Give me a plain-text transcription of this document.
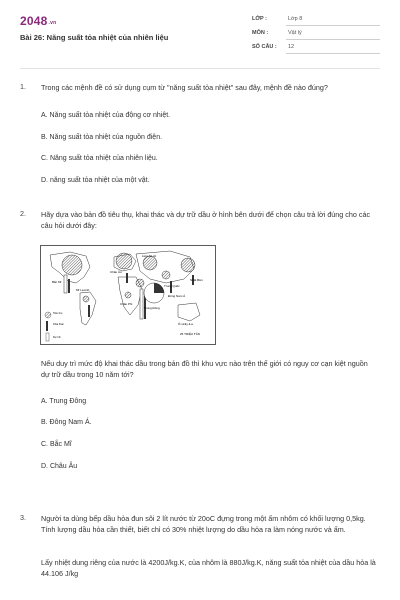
$2048^{.vn}$
Bài 26: Năng suất tỏa nhiệt của nhiên liệu
LỚP :	Lớp 8
MÔN :	Vật lý
SỐ CÂU : 12
1. Trong các mệnh đề có sử dụng cụm từ "năng suất tỏa nhiệt" sau đây, mệnh đề nào đúng?
A. Năng suất tỏa nhiệt của động cơ nhiệt.
B. Năng suất tỏa nhiệt của nguồn điện.
C. Năng suất tỏa nhiệt của nhiên liệu.
D. năng suất tỏa nhiệt của một vật.
2. Hãy dựa vào bản đồ tiêu thụ, khai thác và dự trữ dầu ở hình bên dưới để chọn câu trả lời đúng cho các câu hỏi dưới đây:
Bắc Mĩ
Châu Âu
Liên Xô cũ
Trung Đông
Đông Nam Á
Châu Phi
Mĩ La-tinh
Nhật Bản
Trung Quốc
Ô-xtrây-li-a
25 TRIỆU TẤN
Tiêu thụ
Khai thác
Dự trữ
Nếu duy trì mức độ khai thác dầu trong bản đồ thì khu vực nào trên thế giới có nguy cơ cạn kiệt nguồn dự trữ dầu trong 10 năm tới?
A. Trung Đông
B. Đông Nam Á.
C. Bắc Mĩ
D. Châu Âu
3. Người ta dùng bếp dầu hỏa đun sôi 2 lít nước từ 20oC đựng trong một ấm nhôm có khối lượng 0,5kg. Tính lượng dầu hỏa cần thiết, biết chỉ có 30% nhiệt lượng do dầu hỏa ra làm nóng nước và ấm.
Lấy nhiệt dung riêng của nước là 4200J/kg.K, của nhôm là 880J/kg.K, năng suất tỏa nhiệt của dầu hỏa là 44.106 J/kg
